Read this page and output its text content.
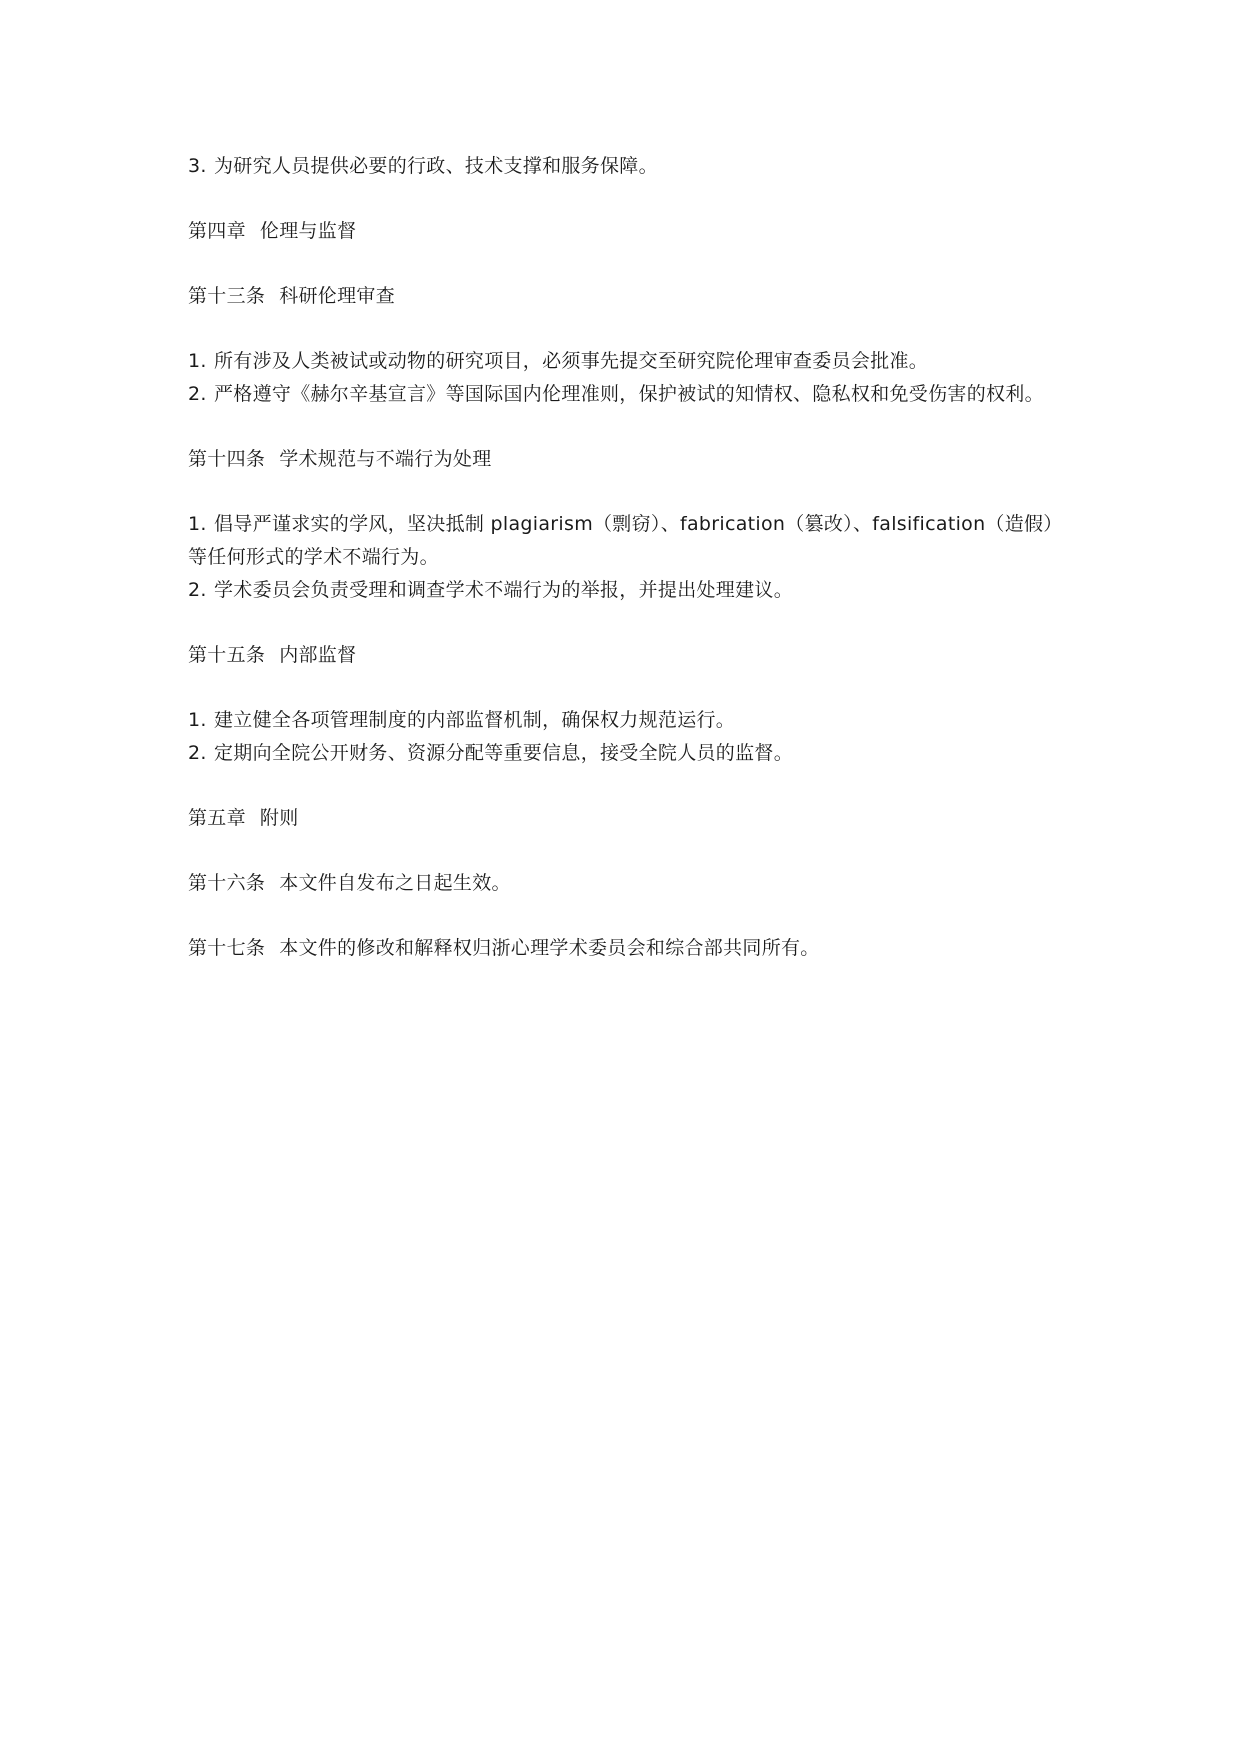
3. 为研究人员提供必要的行政、技术支撑和服务保障。

第四章 伦理与监督

第十三条 科研伦理审查

1. 所有涉及人类被试或动物的研究项目，必须事先提交至研究院伦理审查委员会批准。

2. 严格遵守《赫尔辛基宣言》等国际国内伦理准则，保护被试的知情权、隐私权和免受伤害的权利。

第十四条 学术规范与不端行为处理

1. 倡导严谨求实的学风，坚决抵制 plagiarism（剽窃）、fabrication（篡改）、falsification（造假）等任何形式的学术不端行为。

2. 学术委员会负责受理和调查学术不端行为的举报，并提出处理建议。

第十五条 内部监督

1. 建立健全各项管理制度的内部监督机制，确保权力规范运行。

2. 定期向全院公开财务、资源分配等重要信息，接受全院人员的监督。

第五章 附则

第十六条 本文件自发布之日起生效。

第十七条 本文件的修改和解释权归浙心理学术委员会和综合部共同所有。
